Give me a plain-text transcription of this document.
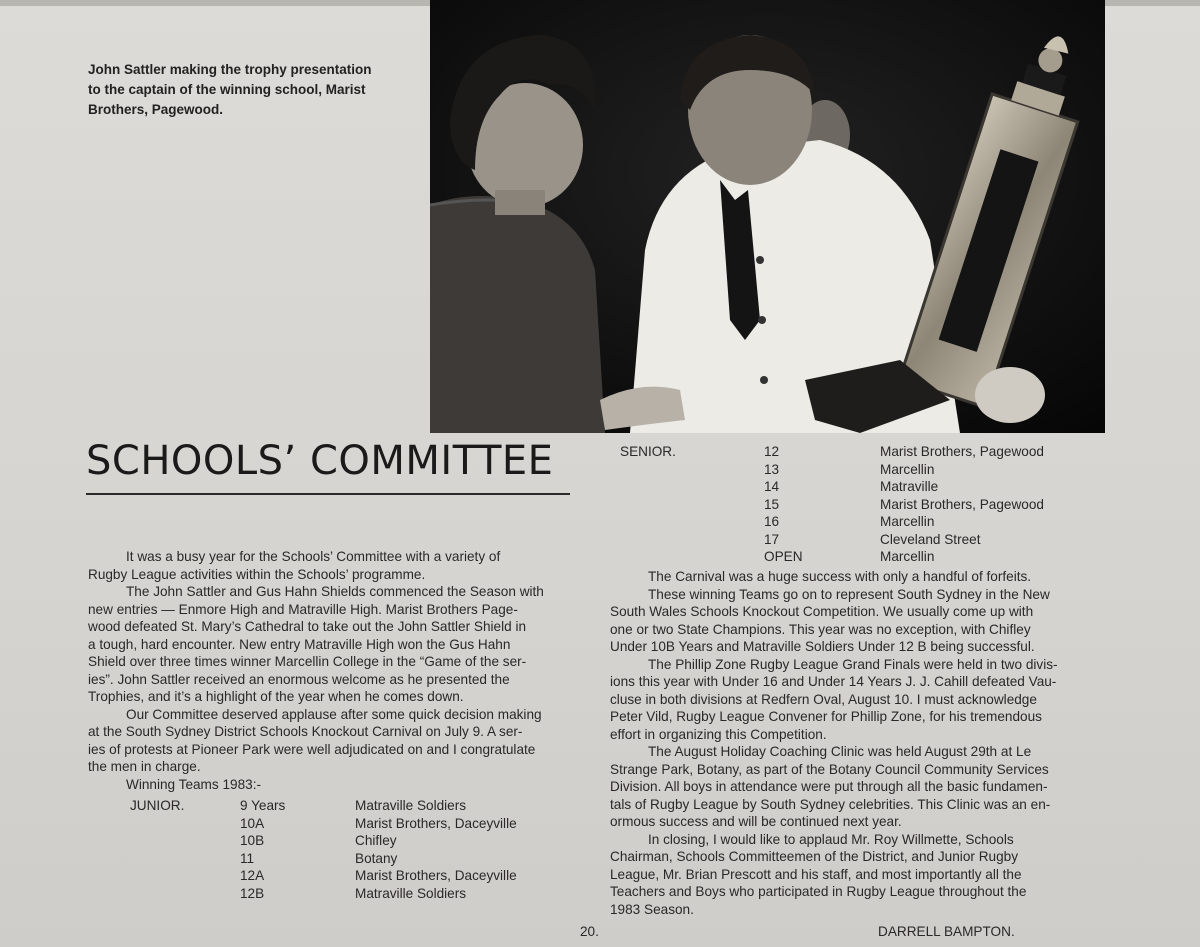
John Sattler making the trophy presentation
to the captain of the winning school, Marist
Brothers, Pagewood.
SCHOOLS’ COMMITTEE	SENIOR.	12	Marist Brothers, Pagewood
13	Marcellin
14	Matraville
15	Marist Brothers, Pagewood
16	Marcellin
17	Cleveland Street
OPEN	Marcellin
It was a busy year for the Schools’ Committee with a variety of
Rugby League activities within the Schools’ programme.
The John Sattler and Gus Hahn Shields commenced the Season with
new entries — Enmore High and Matraville High. Marist Brothers Page-
wood defeated St. Mary’s Cathedral to take out the John Sattler Shield in
a tough, hard encounter. New entry Matraville High won the Gus Hahn
Shield over three times winner Marcellin College in the “Game of the ser-
ies”. John Sattler received an enormous welcome as he presented the
Trophies, and it’s a highlight of the year when he comes down.
Our Committee deserved applause after some quick decision making
at the South Sydney District Schools Knockout Carnival on July 9. A ser-
ies of protests at Pioneer Park were well adjudicated on and I congratulate
the men in charge.
Winning Teams 1983:-
JUNIOR.	9 Years	Matraville Soldiers
10A	Marist Brothers, Daceyville
10B	Chifley
11	Botany
12A	Marist Brothers, Daceyville
12B	Matraville Soldiers
The Carnival was a huge success with only a handful of forfeits.
These winning Teams go on to represent South Sydney in the New
South Wales Schools Knockout Competition. We usually come up with
one or two State Champions. This year was no exception, with Chifley
Under 10B Years and Matraville Soldiers Under 12 B being successful.
The Phillip Zone Rugby League Grand Finals were held in two divis-
ions this year with Under 16 and Under 14 Years J. J. Cahill defeated Vau-
cluse in both divisions at Redfern Oval, August 10. I must acknowledge
Peter Vild, Rugby League Convener for Phillip Zone, for his tremendous
effort in organizing this Competition.
The August Holiday Coaching Clinic was held August 29th at Le
Strange Park, Botany, as part of the Botany Council Community Services
Division. All boys in attendance were put through all the basic fundamen-
tals of Rugby League by South Sydney celebrities. This Clinic was an en-
ormous success and will be continued next year.
In closing, I would like to applaud Mr. Roy Willmette, Schools
Chairman, Schools Committeemen of the District, and Junior Rugby
League, Mr. Brian Prescott and his staff, and most importantly all the
Teachers and Boys who participated in Rugby League throughout the
1983 Season.
20.	DARRELL BAMPTON.
